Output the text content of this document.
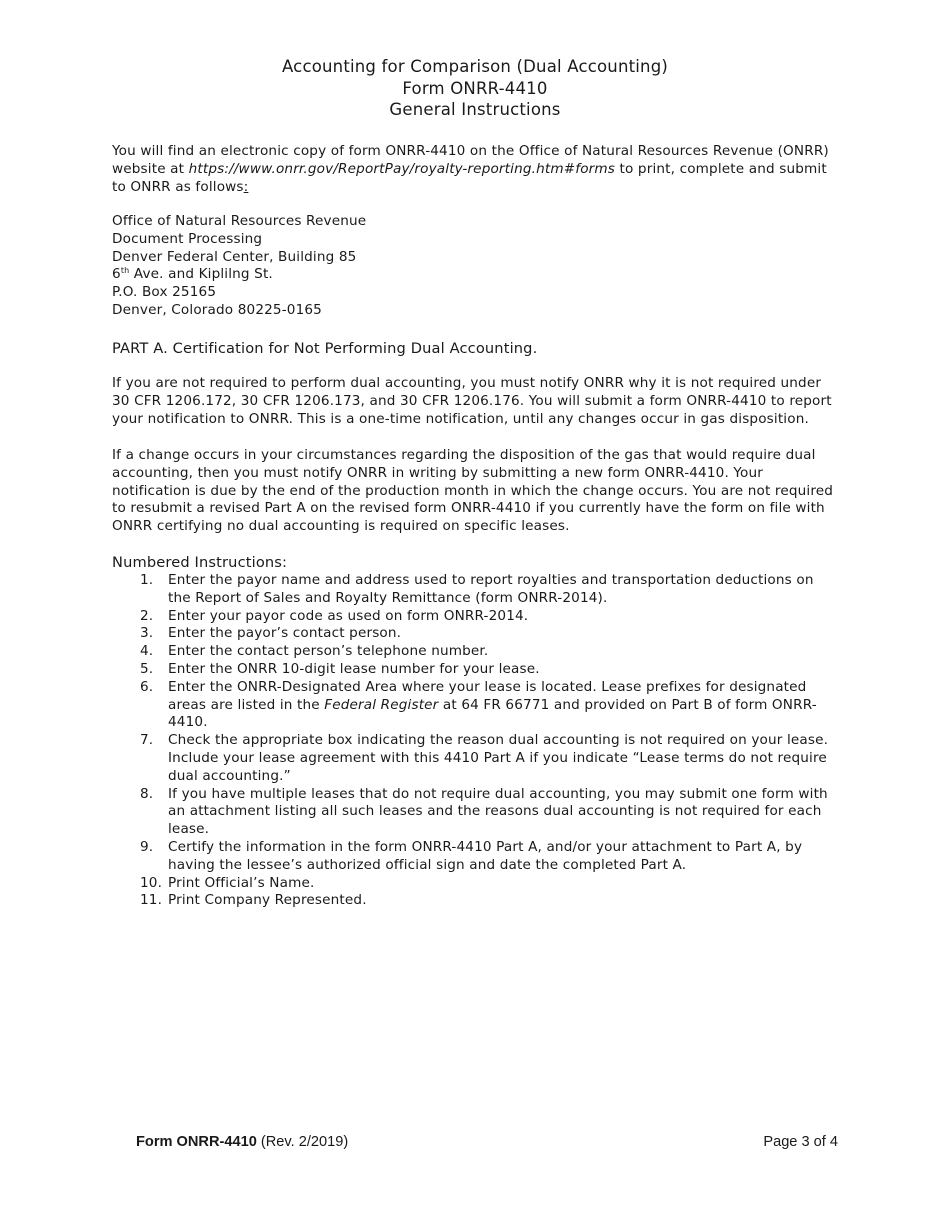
Accounting for Comparison (Dual Accounting)
Form ONRR-4410
General Instructions
You will find an electronic copy of form ONRR-4410 on the Office of Natural Resources Revenue (ONRR) website at https://www.onrr.gov/ReportPay/royalty-reporting.htm#forms to print, complete and submit to ONRR as follows:
Office of Natural Resources Revenue
Document Processing
Denver Federal Center, Building 85
6th Ave. and Kiplilng St.
P.O. Box 25165
Denver, Colorado 80225-0165
PART A. Certification for Not Performing Dual Accounting.
If you are not required to perform dual accounting, you must notify ONRR why it is not required under 30 CFR 1206.172, 30 CFR 1206.173, and 30 CFR 1206.176. You will submit a form ONRR-4410 to report your notification to ONRR. This is a one-time notification, until any changes occur in gas disposition.
If a change occurs in your circumstances regarding the disposition of the gas that would require dual accounting, then you must notify ONRR in writing by submitting a new form ONRR-4410. Your notification is due by the end of the production month in which the change occurs. You are not required to resubmit a revised Part A on the revised form ONRR-4410 if you currently have the form on file with ONRR certifying no dual accounting is required on specific leases.
Numbered Instructions:
1.	Enter the payor name and address used to report royalties and transportation deductions on the Report of Sales and Royalty Remittance (form ONRR-2014).
2.	Enter your payor code as used on form ONRR-2014.
3.	Enter the payor’s contact person.
4.	Enter the contact person’s telephone number.
5.	Enter the ONRR 10-digit lease number for your lease.
6.	Enter the ONRR-Designated Area where your lease is located. Lease prefixes for designated areas are listed in the Federal Register at 64 FR 66771 and provided on Part B of form ONRR-4410.
7.	Check the appropriate box indicating the reason dual accounting is not required on your lease. Include your lease agreement with this 4410 Part A if you indicate “Lease terms do not require dual accounting.”
8.	If you have multiple leases that do not require dual accounting, you may submit one form with an attachment listing all such leases and the reasons dual accounting is not required for each lease.
9.	Certify the information in the form ONRR-4410 Part A, and/or your attachment to Part A, by having the lessee’s authorized official sign and date the completed Part A.
10. Print Official’s Name.
11. Print Company Represented.
Form ONRR-4410 (Rev. 2/2019)	Page 3 of 4
